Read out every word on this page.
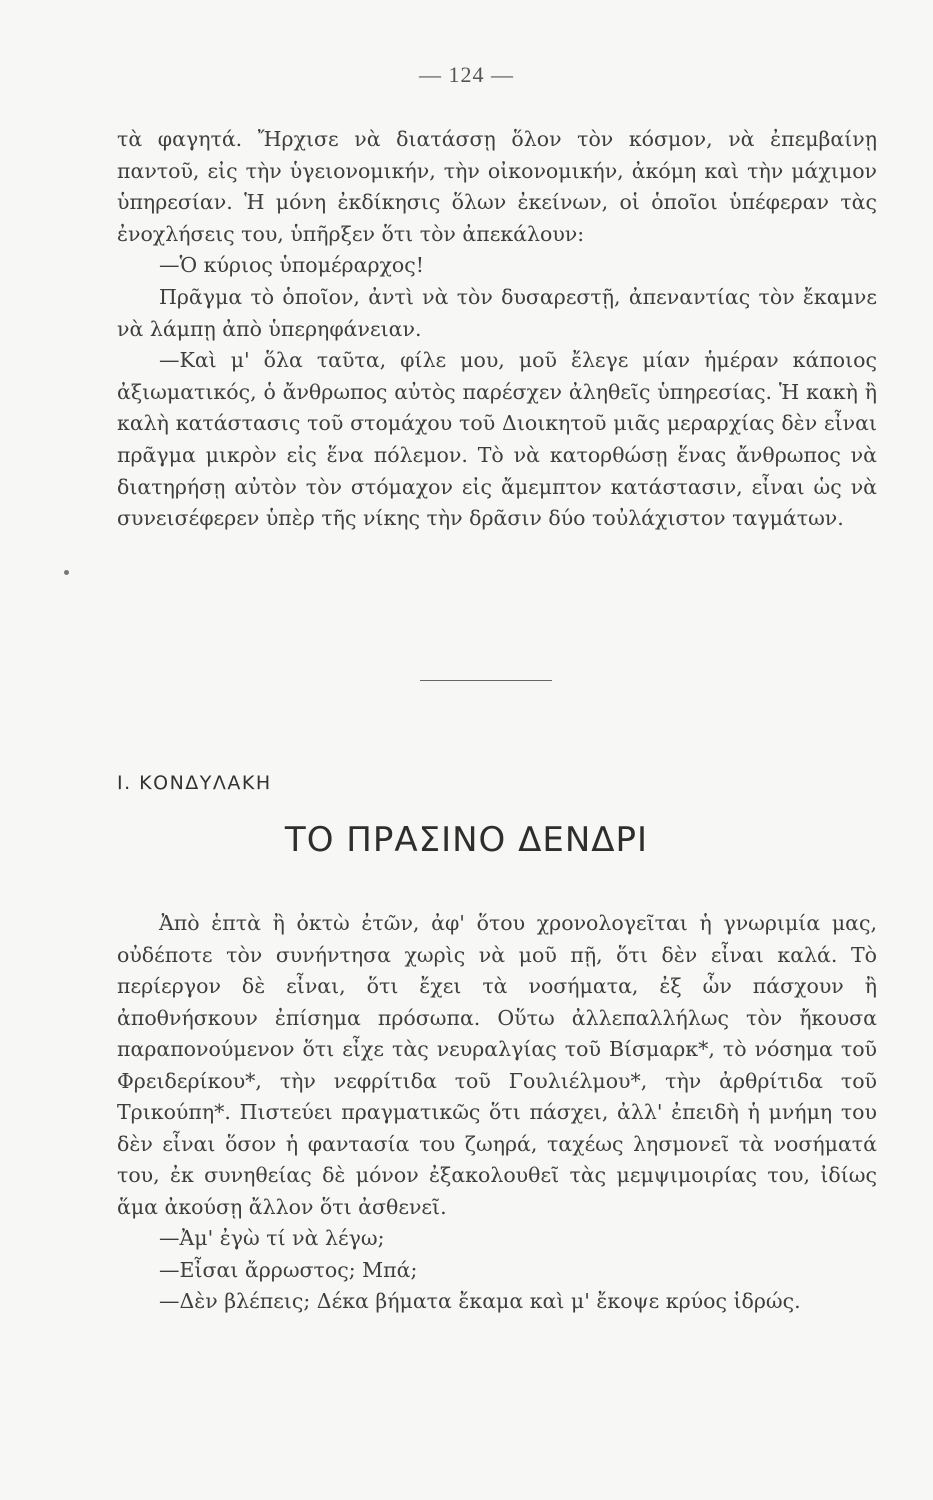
— 124 —

τὰ φαγητά. Ἤρχισε νὰ διατάσσῃ ὅλον τὸν κόσμον, νὰ ἐπεμβαίνῃ παντοῦ, εἰς τὴν ὑγειονομικήν, τὴν οἰκονομικήν, ἀκόμη καὶ τὴν μάχιμον ὑπηρεσίαν. Ἡ μόνη ἐκδίκησις ὅλων ἐκείνων, οἱ ὁποῖοι ὑπέφεραν τὰς ἐνοχλήσεις του, ὑπῆρξεν ὅτι τὸν ἀπεκάλουν:

—Ὁ κύριος ὑπομέραρχος!

Πρᾶγμα τὸ ὁποῖον, ἀντὶ νὰ τὸν δυσαρεστῇ, ἀπεναντίας τὸν ἔκαμνε νὰ λάμπῃ ἀπὸ ὑπερηφάνειαν.

—Καὶ μ' ὅλα ταῦτα, φίλε μου, μοῦ ἔλεγε μίαν ἡμέραν κάποιος ἀξιωματικός, ὁ ἄνθρωπος αὐτὸς παρέσχεν ἀληθεῖς ὑπηρεσίας. Ἡ κακὴ ἢ καλὴ κατάστασις τοῦ στομάχου τοῦ Διοικητοῦ μιᾶς μεραρχίας δὲν εἶναι πρᾶγμα μικρὸν εἰς ἕνα πόλεμον. Τὸ νὰ κατορθώσῃ ἕνας ἄνθρωπος νὰ διατηρήσῃ αὐτὸν τὸν στόμαχον εἰς ἄμεμπτον κατάστασιν, εἶναι ὡς νὰ συνεισέφερεν ὑπὲρ τῆς νίκης τὴν δρᾶσιν δύο τοὐλάχιστον ταγμάτων.

Ι. ΚΟΝΔΥΛΑΚΗ
ΤΟ ΠΡΑΣΙΝΟ ΔΕΝΔΡΙ

Ἀπὸ ἑπτὰ ἢ ὀκτὼ ἐτῶν, ἀφ' ὅτου χρονολογεῖται ἡ γνωριμία μας, οὐδέποτε τὸν συνήντησα χωρὶς νὰ μοῦ πῇ, ὅτι δὲν εἶναι καλά. Τὸ περίεργον δὲ εἶναι, ὅτι ἔχει τὰ νοσήματα, ἐξ ὧν πάσχουν ἢ ἀποθνήσκουν ἐπίσημα πρόσωπα. Οὕτω ἀλλεπαλλήλως τὸν ἤκουσα παραπονούμενον ὅτι εἶχε τὰς νευραλγίας τοῦ Βίσμαρκ*, τὸ νόσημα τοῦ Φρειδερίκου*, τὴν νεφρίτιδα τοῦ Γουλιέλμου*, τὴν ἀρθρίτιδα τοῦ Τρικούπη*. Πιστεύει πραγματικῶς ὅτι πάσχει, ἀλλ' ἐπειδὴ ἡ μνήμη του δὲν εἶναι ὅσον ἡ φαντασία του ζωηρά, ταχέως λησμονεῖ τὰ νοσήματά του, ἐκ συνηθείας δὲ μόνον ἐξακολουθεῖ τὰς μεμψιμοιρίας του, ἰδίως ἅμα ἀκούσῃ ἄλλον ὅτι ἀσθενεῖ.

—Ἀμ' ἐγὼ τί νὰ λέγω;

—Εἶσαι ἄρρωστος; Μπά;

—Δὲν βλέπεις; Δέκα βήματα ἔκαμα καὶ μ' ἔκοψε κρύος ἱδρώς.
